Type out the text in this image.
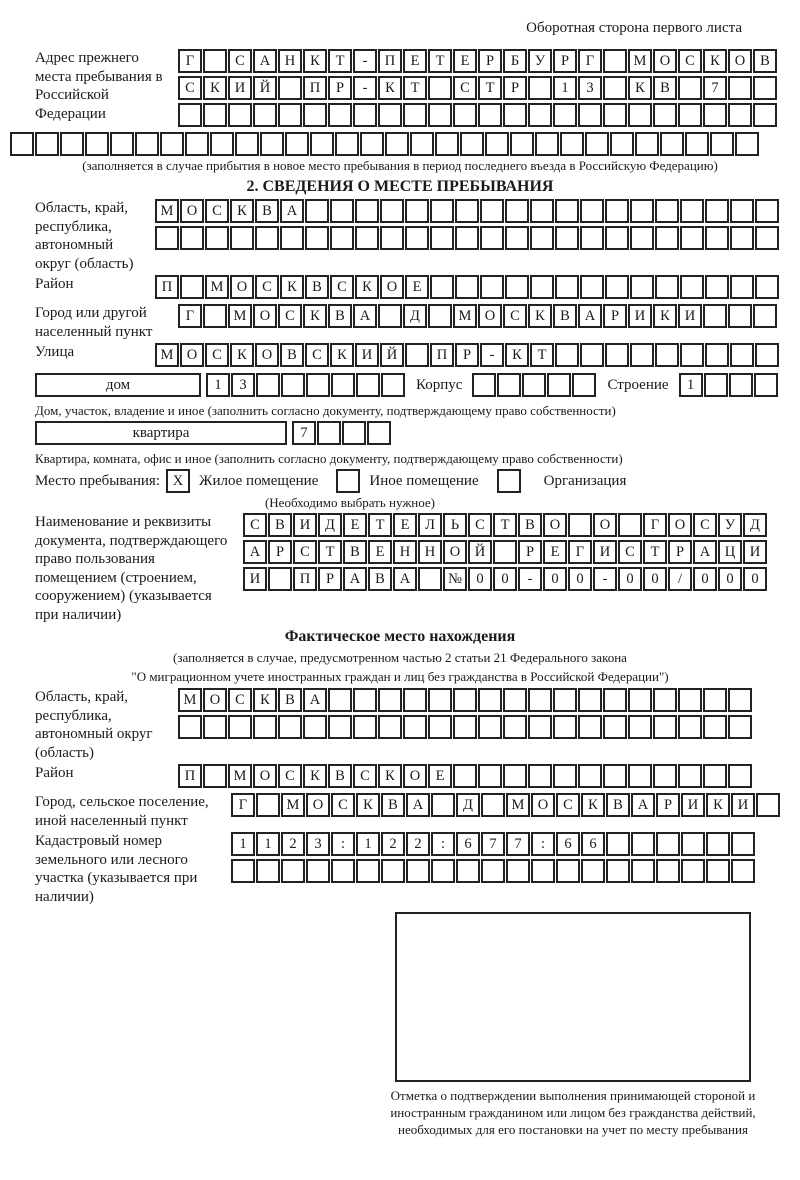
Оборотная сторона первого листа
Адрес прежнего места пребывания в Российской Федерации
Г	С	А	Н	К	Т	-	П	Е	Т	Е	Р	Б	У	Р	Г	М О	С	К	О	В
С	К	И	Й	П	Р	-	К	Т	С	Т	Р	1	3	К	В	7
(заполняется в случае прибытия в новое место пребывания в период последнего въезда в Российскую Федерацию)
2. СВЕДЕНИЯ О МЕСТЕ ПРЕБЫВАНИЯ
Область, край, республика, автономный округ (область)
М О	С	К	В	А
Район	П	М О	С	К	В	С	К	О	Е
Город или другой населенный пункт
Г	М О	С	К	В	А	Д	М О	С	К	В	А	Р	И	К	И
Улица	М О	С	К	О	В	С	К	И	Й	П	Р	-	К	Т
дом	1	3	Корпус	Строение	1
Дом, участок, владение и иное (заполнить согласно документу, подтверждающему право собственности)
квартира	7
Квартира, комната, офис и иное (заполнить согласно документу, подтверждающему право собственности)
Место пребывания: X	Жилое помещение	Иное помещение	Организация
(Необходимо выбрать нужное)
Наименование и реквизиты документа, подтверждающего право пользования помещением (строением, сооружением) (указывается при наличии)
С	В	И	Д	Е	Т	Е	Л	Ь	С	Т	В	О	О	Г	О	С	У	Д
А	Р	С	Т	В	Е	Н	Н	О	Й	Р	Е	Г	И	С	Т	Р	А	Ц	И
И	П	Р	А	В	А	№ 0	0	-	0	0	-	0	0	/	0	0	0
Фактическое место нахождения
(заполняется в случае, предусмотренном частью 2 статьи 21 Федерального закона
"О миграционном учете иностранных граждан и лиц без гражданства в Российской Федерации")
Область, край, республика, автономный округ (область)
М О	С	К	В	А
Район	П	М О	С	К	В	С	К	О	Е
Город, сельское поселение, иной населенный пункт
Г	М О	С	К	В	А	Д	М О	С	К	В	А	Р	И	К	И
Кадастровый номер земельного или лесного участка (указывается при наличии)
1	1	2	3	:	1	2	2	:	6	7	7	:	6	6
Отметка о подтверждении выполнения принимающей стороной и иностранным гражданином или лицом без гражданства действий, необходимых для его постановки на учет по месту пребывания
